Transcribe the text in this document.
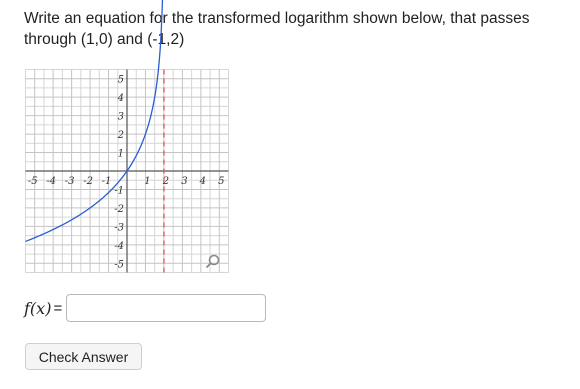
Write an equation for the transformed logarithm shown below, that passes through (1,0) and (-1,2)
-5 -4 -3 -2 -1	1 2 3 4 5
5
4
3
2
1
-1
-2
-3
-4
-5
f(x) =
Check Answer
